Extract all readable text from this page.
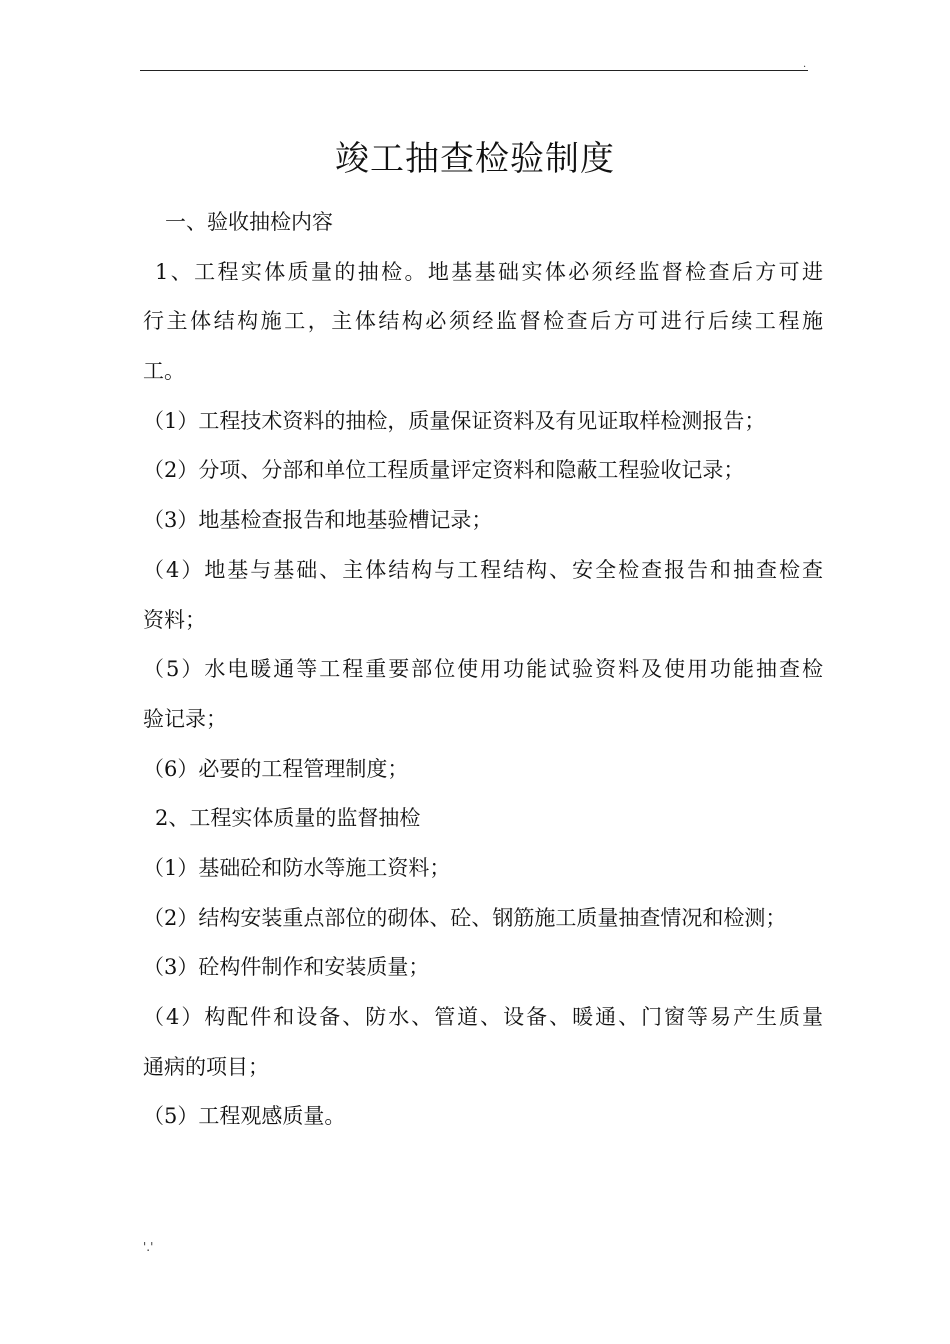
.
竣工抽查检验制度
一、验收抽检内容
1、工程实体质量的抽检。地基基础实体必须经监督检查后方可进
行主体结构施工，主体结构必须经监督检查后方可进行后续工程施
工。
（1）工程技术资料的抽检，质量保证资料及有见证取样检测报告；
（2）分项、分部和单位工程质量评定资料和隐蔽工程验收记录；
（3）地基检查报告和地基验槽记录；
（4）地基与基础、主体结构与工程结构、安全检查报告和抽查检查
资料；
（5）水电暖通等工程重要部位使用功能试验资料及使用功能抽查检
验记录；
（6）必要的工程管理制度；
2、工程实体质量的监督抽检
（1）基础砼和防水等施工资料；
（2）结构安装重点部位的砌体、砼、钢筋施工质量抽查情况和检测；
（3）砼构件制作和安装质量；
（4）构配件和设备、防水、管道、设备、暖通、门窗等易产生质量
通病的项目；
（5）工程观感质量。
'.'
